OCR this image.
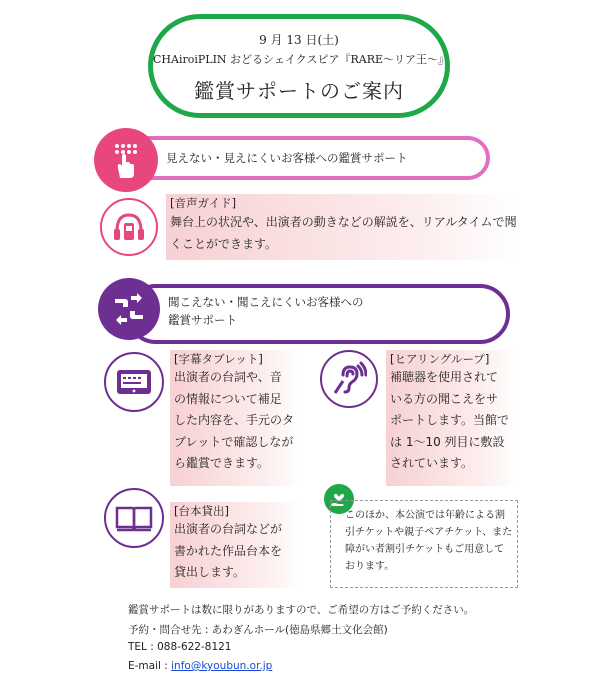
9 月 13 日(土)
CHAiroiPLIN おどるシェイクスピア『RARE～リア王～』
鑑賞サポートのご案内
見えない・見えにくいお客様への鑑賞サポート
[音声ガイド]
舞台上の状況や、出演者の動きなどの解説を、リアルタイムで聞
くことができます。
聞こえない・聞こえにくいお客様への
鑑賞サポート
[字幕タブレット]
出演者の台詞や、音
の情報について補足
した内容を、手元のタ
ブレットで確認しなが
ら鑑賞できます。
[ヒアリングループ]
補聴器を使用されて
いる方の聞こえをサ
ポートします。当館で
は 1～10 列目に敷設
されています。
[台本貸出]
出演者の台詞などが
書かれた作品台本を
貸出します。
このほか、本公演では年齢による割
引チケットや親子ペアチケット、また
障がい者割引チケットもご用意して
おります。
鑑賞サポートは数に限りがありますので、ご希望の方はご予約ください。
予約・問合せ先 : あわぎんホール(徳島県郷土文化会館)
TEL : 088-622-8121
E-mail : info@kyoubun.or.jp
